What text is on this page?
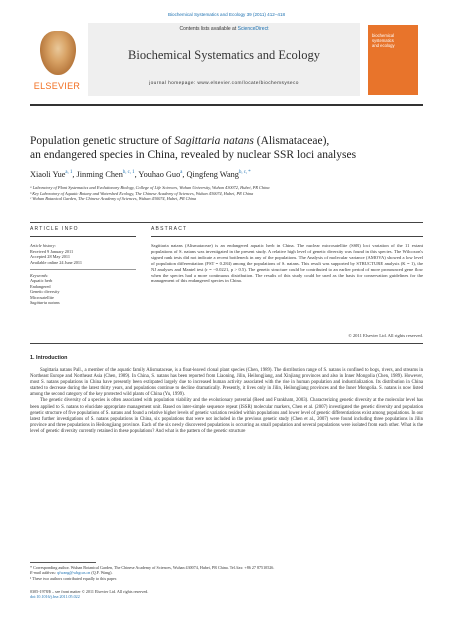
Biochemical Systematics and Ecology 39 (2011) 412–418
ELSEVIER
Contents lists available at ScienceDirect
Biochemical Systematics and Ecology
journal homepage: www.elsevier.com/locate/biochemsyseco
biochemical
systematics
and ecology
Population genetic structure of Sagittaria natans (Alismataceae),
an endangered species in China, revealed by nuclear SSR loci analyses
Xiaoli Yue$^{a, 1}$, Jinming Chen$^{b, c, 1}$, Youhao Guo$^a$, Qingfeng Wang$^{b, c, *}$
ᵃ Laboratory of Plant Systematics and Evolutionary Biology, College of Life Sciences, Wuhan University, Wuhan 430072, Hubei, PR China
ᵇ Key Laboratory of Aquatic Botany and Watershed Ecology, The Chinese Academy of Sciences, Wuhan 430074, Hubei, PR China
ᶜ Wuhan Botanical Garden, The Chinese Academy of Sciences, Wuhan 430074, Hubei, PR China
ARTICLE INFO	ABSTRACT
Article history:
Received 9 January 2011
Accepted 28 May 2011
Available online 24 June 2011
Keywords:
Aquatic herb
Endangered
Genetic diversity
Microsatellite
Sagittaria natans
Sagittaria natans (Alismataceae) is an endangered aquatic herb in China. The nuclear microsatellite (SSR) loci variation of the 11 extant populations of S. natans was investigated in the present study. A relative high level of genetic diversity was found in this species. The Wilcoxon's signed rank tests did not indicate a recent bottleneck in any of the populations. The Analysis of molecular variance (AMOVA) showed a low level of population differentiation (FST = 0.284) among the populations of S. natans. This result was supported by STRUCTURE analysis (K = 1), the NJ analyses and Mantel test (r = −0.0221, p > 0.5). The genetic structure could be contributed to an earlier period of more pronounced gene flow when the species had a more continuous distribution. The results of this study could be used as the basis for conservation guidelines for the management of this endangered species in China.
© 2011 Elsevier Ltd. All rights reserved.
1. Introduction

Sagittaria natans Pall., a member of the aquatic family Alismataceae, is a float-leaved clonal plant species (Chen, 1989). The distribution range of S. natans is confined to bogs, rivers, and streams in Northeast Europe and Northeast Asia (Chen, 1989). In China, S. natans has been reported from Liaoning, Jilin, Heilongjiang, and Xinjiang provinces and also in Inner Mongolia (Chen, 1989). However, most S. natans populations in China have presently been extirpated largely due to increased human activity associated with the rise in human population and industrialization. Its distribution in China started to decrease during the latest thirty years, and populations continue to decline dramatically. Presently, it lives only in Jilin, Heilongjiang provinces and the Inner Mongolia. S. natans is now listed among the second category of the key protected wild plants of China (Yu, 1999).

The genetic diversity of a species is often associated with population viability and the evolutionary potential (Reed and Frankham, 2003). Characterizing genetic diversity at the molecular level has been applied to S. natans to elucidate appropriate management unit. Based on inter-simple sequence repeat (ISSR) molecular markers, Chen et al. (2007) investigated the genetic diversity and population genetic structure of five populations of S. natans and found a relative higher levels of genetic variation resided within populations and lower level of genetic differentiations exist among populations. In our latest further investigations of S. natans populations in China, six populations that were not included in the previous genetic study (Chen et al., 2007) were found including three populations in Jilin province and three populations in Heilongjiang province. Each of the six newly discovered populations is occurring as small population and several populations were isolated from each other. What is the level of genetic diversity currently retained in these populations? And what is the pattern of the genetic structure

* Corresponding author. Wuhan Botanical Garden, The Chinese Academy of Sciences, Wuhan 430074, Hubei, PR China. Tel./fax: +86 27 87510526.
E-mail address: qfwang@wbgcas.cn (Q.F. Wang).
¹ These two authors contributed equally to this paper.
0305-1978/$ – see front matter © 2011 Elsevier Ltd. All rights reserved.
doi:10.1016/j.bse.2011.05.022
